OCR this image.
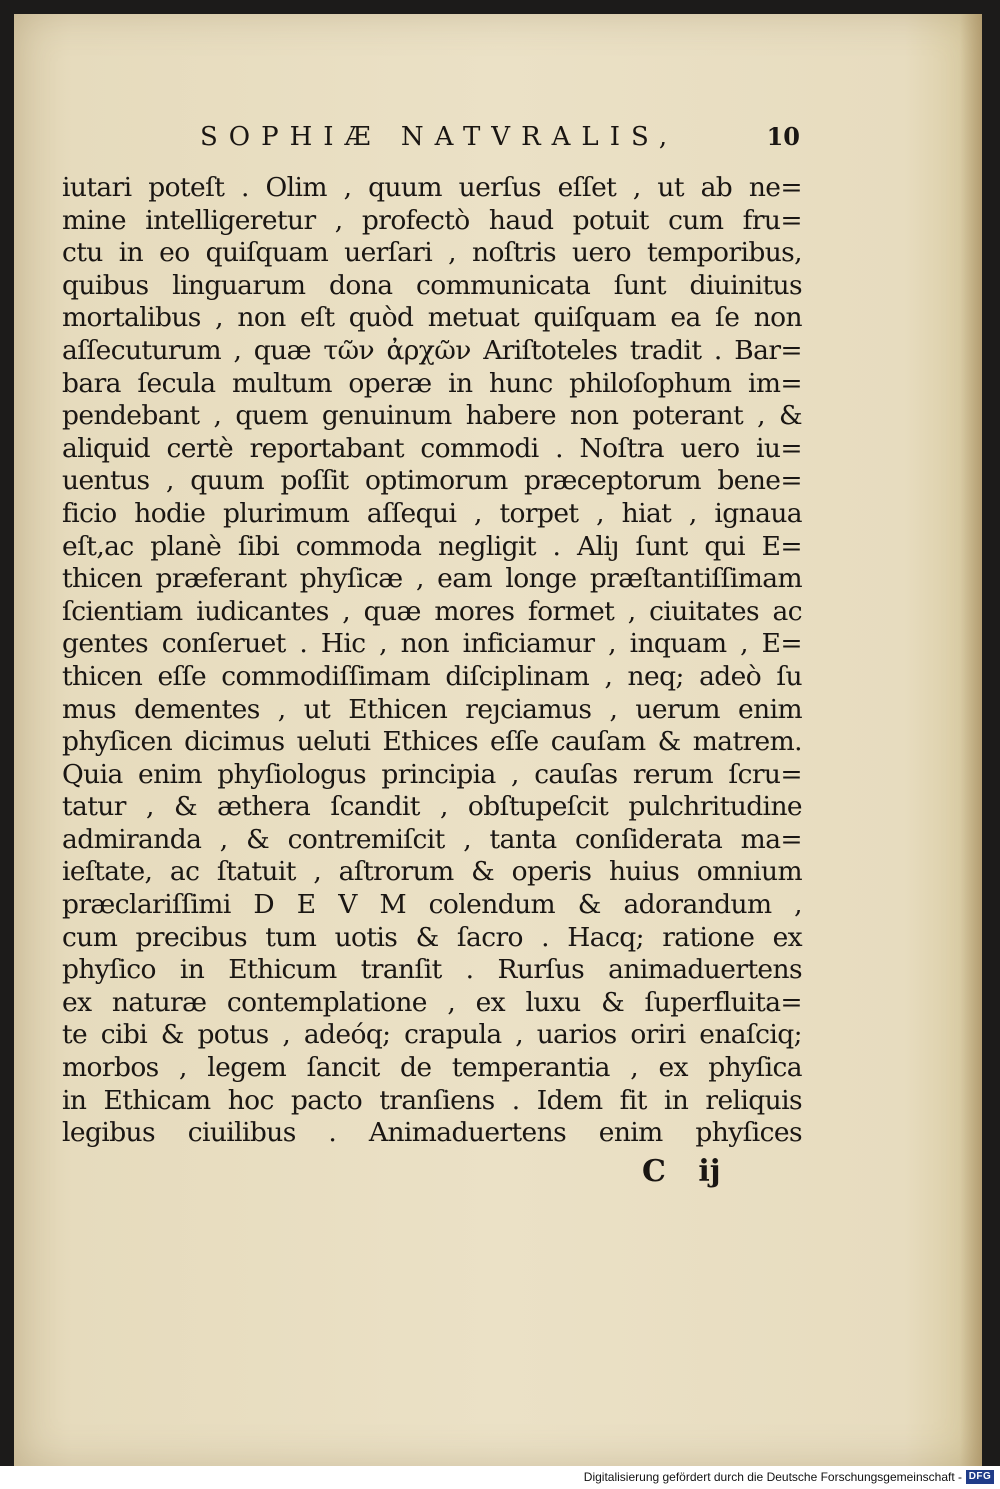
SOPHIÆ NATVRALIS,	10
iutari poteſt . Olim , quum uerſus eſſet , ut ab ne=
mine intelligeretur , profectò haud potuit cum fru=
ctu in eo quiſquam uerſari , noſtris uero temporibus,
quibus linguarum dona communicata ſunt diuinitus
mortalibus , non eſt quòd metuat quiſquam ea ſe non
aſſecuturum , quæ τῶν ἀρχῶν Ariſtoteles tradit . Bar=
bara ſecula multum operæ in hunc philoſophum im=
pendebant , quem genuinum habere non poterant , &
aliquid certè reportabant commodi . Noſtra uero iu=
uentus , quum poſſit optimorum præceptorum bene=
ficio hodie plurimum aſſequi , torpet , hiat , ignaua
eſt,ac planè ſibi commoda negligit . Aliȷ ſunt qui E=
thicen præferant phyſicæ , eam longe præſtantiſſimam
ſcientiam iudicantes , quæ mores formet , ciuitates ac
gentes conſeruet . Hic , non inficiamur , inquam , E=
thicen eſſe commodiſſimam diſciplinam , neq; adeò ſu
mus dementes , ut Ethicen reȷciamus , uerum enim
phyſicen dicimus ueluti Ethices eſſe cauſam & matrem.
Quia enim phyſiologus principia , cauſas rerum ſcru=
tatur , & æthera ſcandit , obſtupeſcit pulchritudine
admiranda , & contremiſcit , tanta conſiderata ma=
ieſtate, ac ſtatuit , aſtrorum & operis huius omnium
præclariſſimi D E V M colendum & adorandum ,
cum precibus tum uotis & ſacro . Hacq; ratione ex
phyſico in Ethicum tranſit . Rurſus animaduertens
ex naturæ contemplatione , ex luxu & ſuperfluita=
te cibi & potus , adeóq; crapula , uarios oriri enaſciq;
morbos , legem ſancit de temperantia , ex phyſica
in Ethicam hoc pacto tranſiens . Idem fit in reliquis
legibus ciuilibus . Animaduertens enim phyſices
C ij
Digitalisierung gefördert durch die Deutsche Forschungsgemeinschaft - DFG
